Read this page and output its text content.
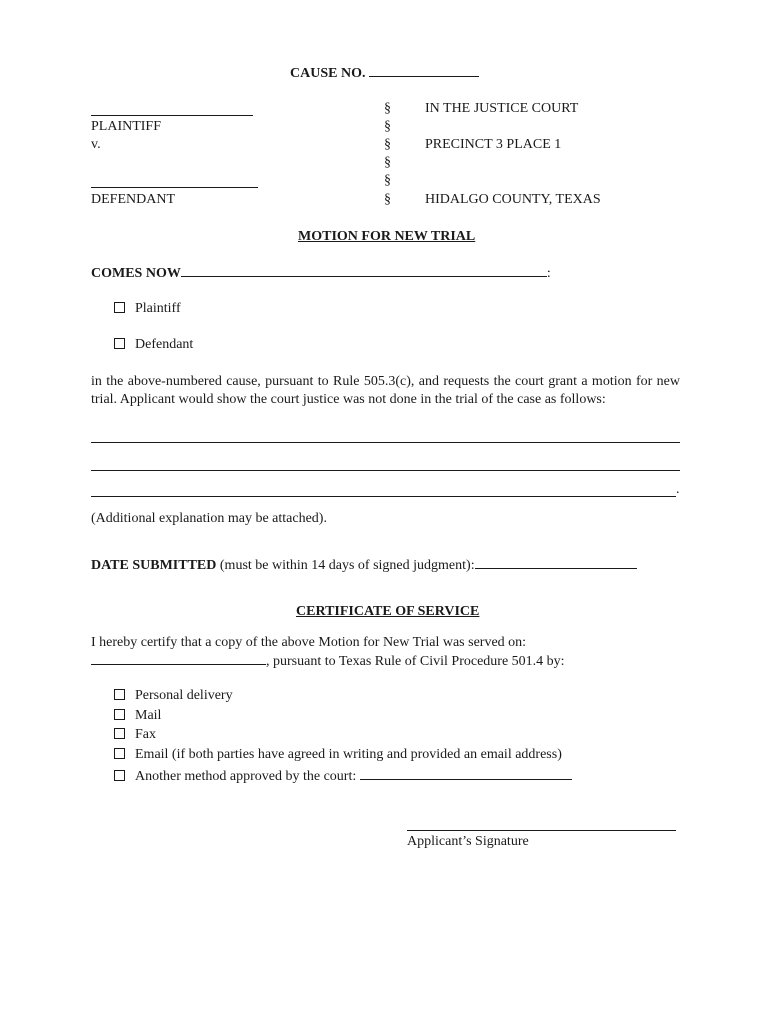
CAUSE NO.
PLAINTIFF
v.
DEFENDANT
§
§
§
§
§
§
IN THE JUSTICE COURT
PRECINCT 3 PLACE 1
HIDALGO COUNTY, TEXAS
MOTION FOR NEW TRIAL
COMES NOW	:
Plaintiff
Defendant
in the above-numbered cause, pursuant to Rule 505.3(c), and requests the court grant a motion for new trial. Applicant would show the court justice was not done in the trial of the case as follows:
.
(Additional explanation may be attached).
DATE SUBMITTED (must be within 14 days of signed judgment):
CERTIFICATE OF SERVICE
I hereby certify that a copy of the above Motion for New Trial was served on:
, pursuant to Texas Rule of Civil Procedure 501.4 by:
Personal delivery
Mail
Fax
Email (if both parties have agreed in writing and provided an email address)
Another method approved by the court:
Applicant’s Signature
